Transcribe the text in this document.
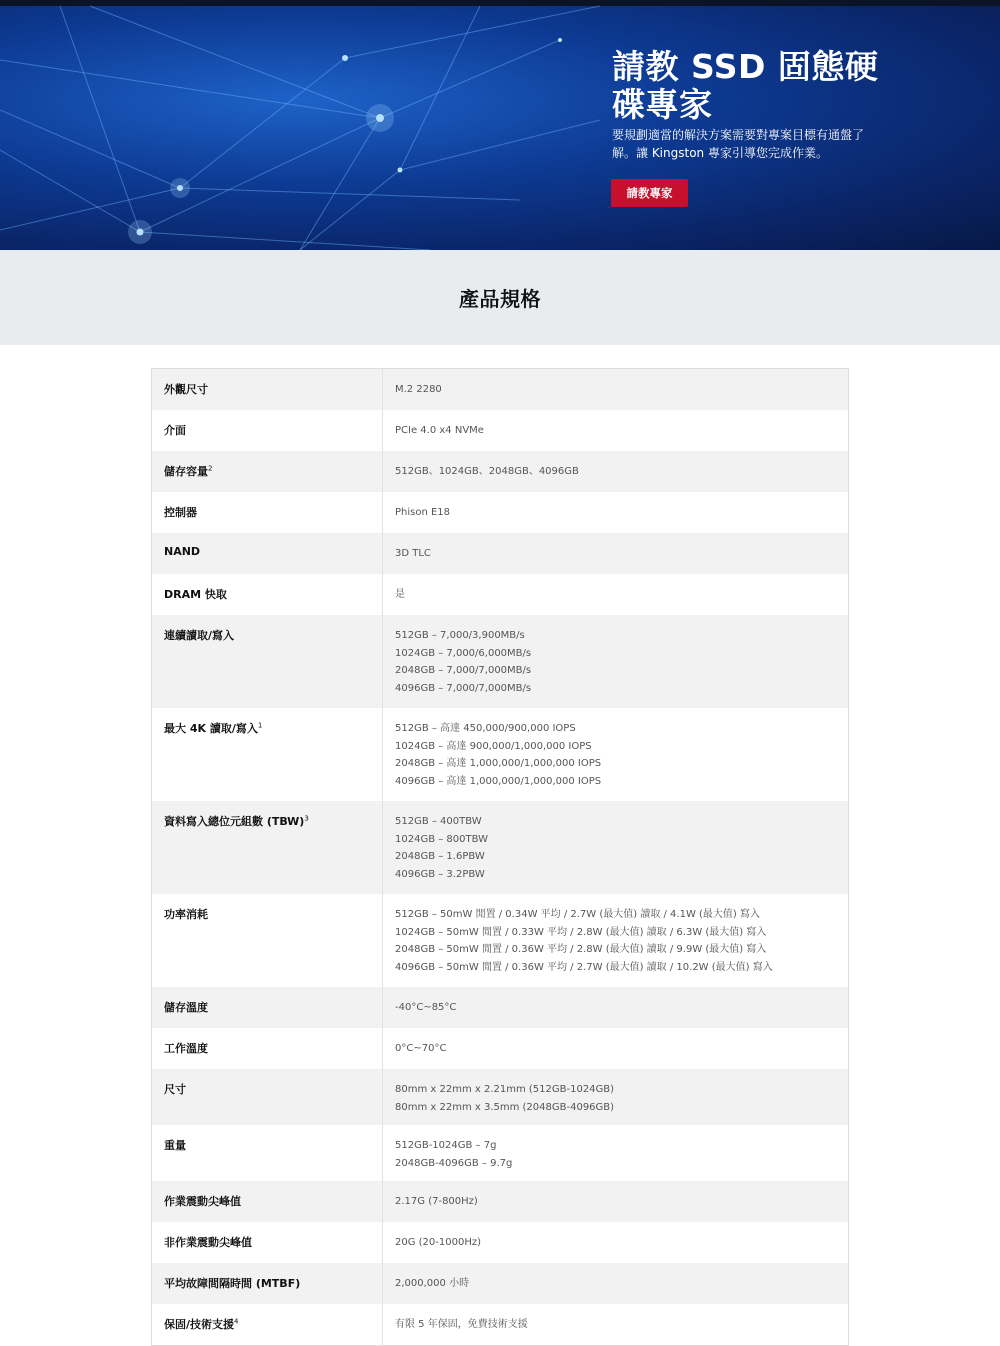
請教 SSD 固態硬碟專家
要規劃適當的解決方案需要對專案目標有通盤了解。讓 Kingston 專家引導您完成作業。
請教專家
產品規格
外觀尺寸	M.2 2280
介面	PCIe 4.0 x4 NVMe
儲存容量$^2$	512GB、1024GB、2048GB、4096GB
控制器	Phison E18
NAND	3D TLC
DRAM 快取	是
連續讀取/寫入	512GB – 7,000/3,900MB/s
1024GB – 7,000/6,000MB/s
2048GB – 7,000/7,000MB/s
4096GB – 7,000/7,000MB/s
最大 4K 讀取/寫入$^1$	512GB – 高達 450,000/900,000 IOPS
1024GB – 高達 900,000/1,000,000 IOPS
2048GB – 高達 1,000,000/1,000,000 IOPS
4096GB – 高達 1,000,000/1,000,000 IOPS
資料寫入總位元組數 (TBW)$^3$	512GB – 400TBW
1024GB – 800TBW
2048GB – 1.6PBW
4096GB – 3.2PBW
功率消耗	512GB – 50mW 閒置 / 0.34W 平均 / 2.7W (最大值) 讀取 / 4.1W (最大值) 寫入
1024GB – 50mW 閒置 / 0.33W 平均 / 2.8W (最大值) 讀取 / 6.3W (最大值) 寫入
2048GB – 50mW 閒置 / 0.36W 平均 / 2.8W (最大值) 讀取 / 9.9W (最大值) 寫入
4096GB – 50mW 閒置 / 0.36W 平均 / 2.7W (最大值) 讀取 / 10.2W (最大值) 寫入
儲存溫度	-40°C~85°C
工作溫度	0°C~70°C
尺寸	80mm x 22mm x 2.21mm (512GB-1024GB)
80mm x 22mm x 3.5mm (2048GB-4096GB)
重量	512GB-1024GB – 7g
2048GB-4096GB – 9.7g
作業震動尖峰值	2.17G (7-800Hz)
非作業震動尖峰值	20G (20-1000Hz)
平均故障間隔時間 (MTBF)	2,000,000 小時
保固/技術支援$^4$	有限 5 年保固，免費技術支援
